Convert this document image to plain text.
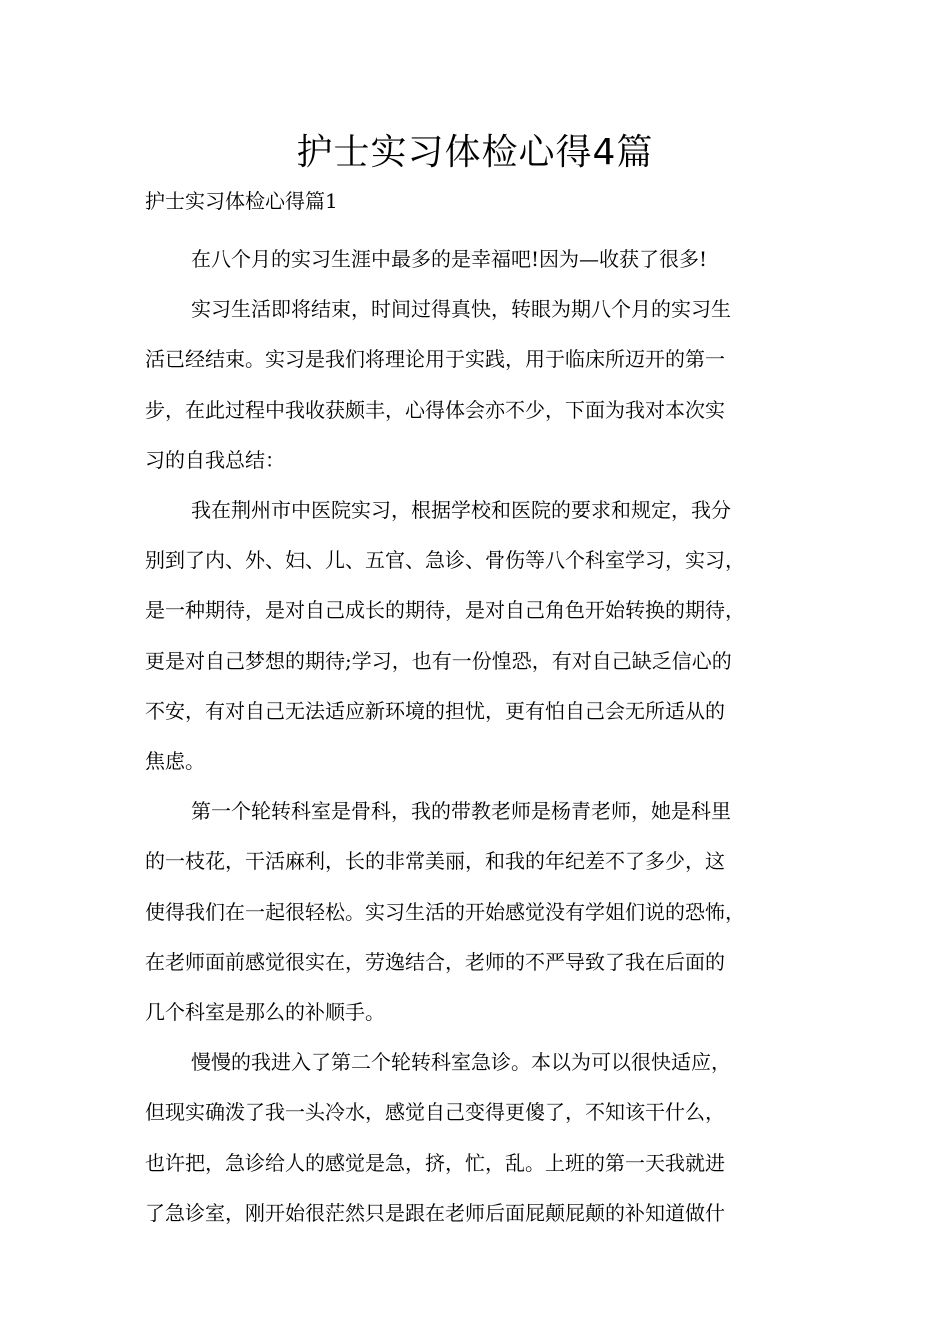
护士实习体检心得4篇

护士实习体检心得篇1

在八个月的实习生涯中最多的是幸福吧!因为—收获了很多!

实习生活即将结束，时间过得真快，转眼为期八个月的实习生
活已经结束。实习是我们将理论用于实践，用于临床所迈开的第一
步，在此过程中我收获颇丰，心得体会亦不少，下面为我对本次实
习的自我总结：

我在荆州市中医院实习，根据学校和医院的要求和规定，我分
别到了内、外、妇、儿、五官、急诊、骨伤等八个科室学习，实习，
是一种期待，是对自己成长的期待，是对自己角色开始转换的期待，
更是对自己梦想的期待;学习，也有一份惶恐，有对自己缺乏信心的
不安，有对自己无法适应新环境的担忧，更有怕自己会无所适从的
焦虑。

第一个轮转科室是骨科，我的带教老师是杨青老师，她是科里
的一枝花，干活麻利，长的非常美丽，和我的年纪差不了多少，这
使得我们在一起很轻松。实习生活的开始感觉没有学姐们说的恐怖，
在老师面前感觉很实在，劳逸结合，老师的不严导致了我在后面的
几个科室是那么的补顺手。

慢慢的我进入了第二个轮转科室急诊。本以为可以很快适应，
但现实确泼了我一头冷水，感觉自己变得更傻了，不知该干什么，
也许把，急诊给人的感觉是急，挤，忙，乱。上班的第一天我就进
了急诊室，刚开始很茫然只是跟在老师后面屁颠屁颠的补知道做什
